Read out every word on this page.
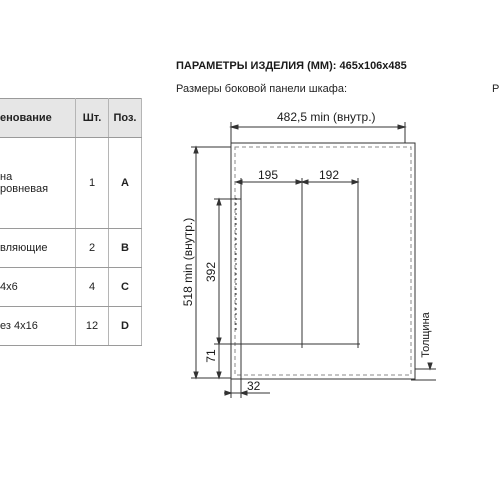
ПАРАМЕТРЫ ИЗДЕЛИЯ (ММ): 465x106x485
Размеры боковой панели шкафа:	Р
енование	Шт.	Поз.

на
ровневая	1	A

вляющие	2	B

4x6	4	C

ез 4x16	12	D
482,5 min (внутр.)
195	192
392
71
518 min (внутр.)
32
Толщина
